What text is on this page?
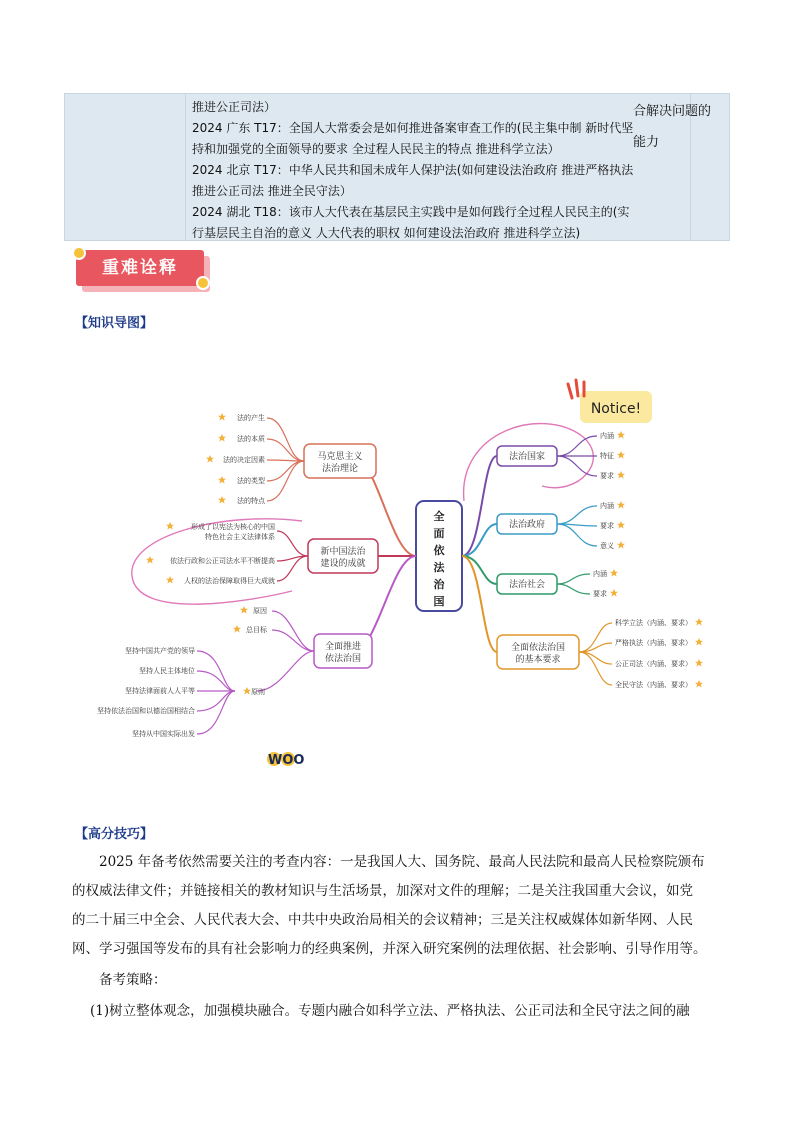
推进公正司法）

2024 广东 T17：全国人大常委会是如何推进备案审查工作的(民主集中制 新时代坚

持和加强党的全面领导的要求 全过程人民民主的特点 推进科学立法）

2024 北京 T17：中华人民共和国未成年人保护法(如何建设法治政府 推进严格执法

推进公正司法 推进全民守法）

2024 湖北 T18：该市人大代表在基层民主实践中是如何践行全过程人民民主的(实

行基层民主自治的意义 人大代表的职权 如何建设法治政府 推进科学立法)

合解决问题的
能力
重难诠释
【知识导图】
全
面
依
法
治
国
马克思主义
法治理论
新中国法治
建设的成就
全面推进
依法治国
法治国家
法治政府
法治社会
全面依法治国
的基本要求
法的产生
法的本质
法的决定因素
法的类型
法的特点
形成了以宪法为核心的中国
特色社会主义法律体系
依法行政和公正司法水平不断提高
人权的法治保障取得巨大成就
原因
总目标
原则
坚持中国共产党的领导
坚持人民主体地位
坚持法律面前人人平等
坚持依法治国和以德治国相结合
坚持从中国实际出发
内涵
特征
要求
内涵
要求
意义
内涵
要求
科学立法（内涵、要求）
严格执法（内涵、要求）
公正司法（内涵、要求）
全民守法（内涵、要求）
Notice!
WOO
【高分技巧】
2025 年备考依然需要关注的考查内容：一是我国人大、国务院、最高人民法院和最高人民检察院颁布
的权威法律文件；并链接相关的教材知识与生活场景，加深对文件的理解；二是关注我国重大会议，如党
的二十届三中全会、人民代表大会、中共中央政治局相关的会议精神；三是关注权威媒体如新华网、人民
网、学习强国等发布的具有社会影响力的经典案例，并深入研究案例的法理依据、社会影响、引导作用等。
备考策略：
(1)树立整体观念，加强模块融合。专题内融合如科学立法、严格执法、公正司法和全民守法之间的融
